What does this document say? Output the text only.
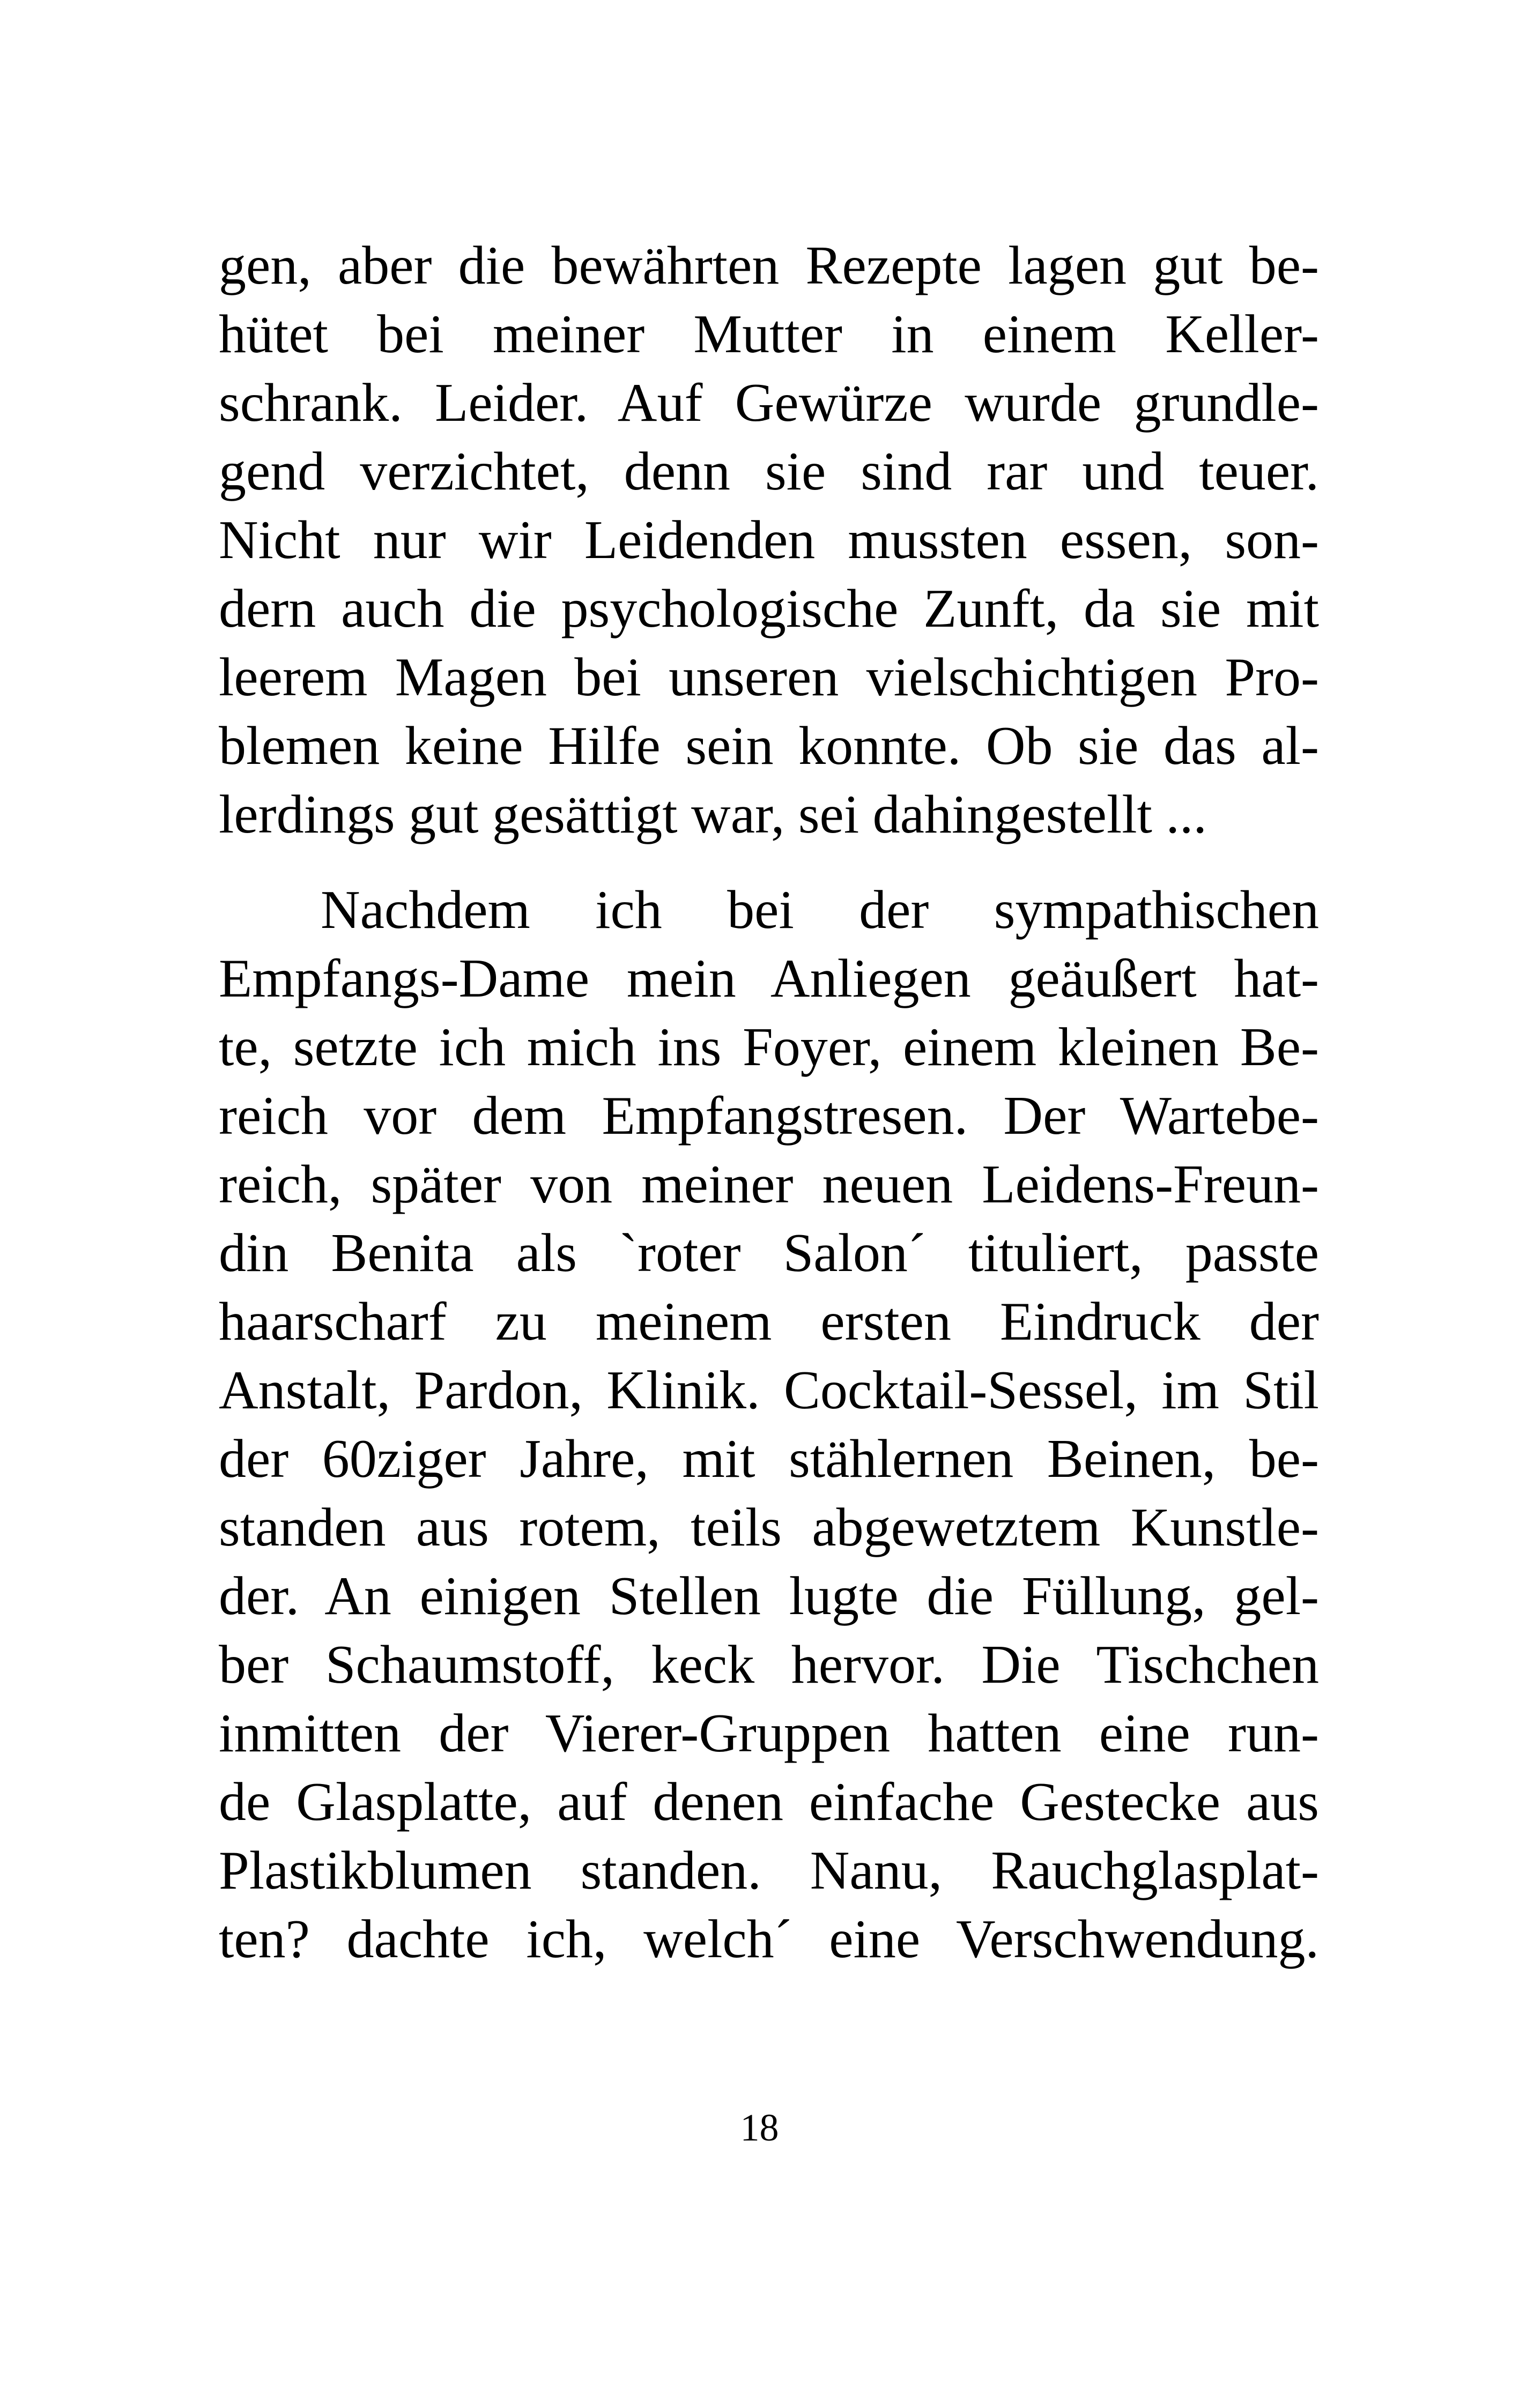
gen, aber die bewährten Rezepte lagen gut be-
hütet bei meiner Mutter in einem Keller-
schrank. Leider. Auf Gewürze wurde grundle-
gend verzichtet, denn sie sind rar und teuer.
Nicht nur wir Leidenden mussten essen, son-
dern auch die psychologische Zunft, da sie mit
leerem Magen bei unseren vielschichtigen Pro-
blemen keine Hilfe sein konnte. Ob sie das al-
lerdings gut gesättigt war, sei dahingestellt ...
Nachdem ich bei der sympathischen
Empfangs-Dame mein Anliegen geäußert hat-
te, setzte ich mich ins Foyer, einem kleinen Be-
reich vor dem Empfangstresen. Der Wartebe-
reich, später von meiner neuen Leidens-Freun-
din Benita als `roter Salon´ tituliert, passte
haarscharf zu meinem ersten Eindruck der
Anstalt, Pardon, Klinik. Cocktail-Sessel, im Stil
der 60ziger Jahre, mit stählernen Beinen, be-
standen aus rotem, teils abgewetztem Kunstle-
der. An einigen Stellen lugte die Füllung, gel-
ber Schaumstoff, keck hervor. Die Tischchen
inmitten der Vierer-Gruppen hatten eine run-
de Glasplatte, auf denen einfache Gestecke aus
Plastikblumen standen. Nanu, Rauchglasplat-
ten? dachte ich, welch´ eine Verschwendung.
18
